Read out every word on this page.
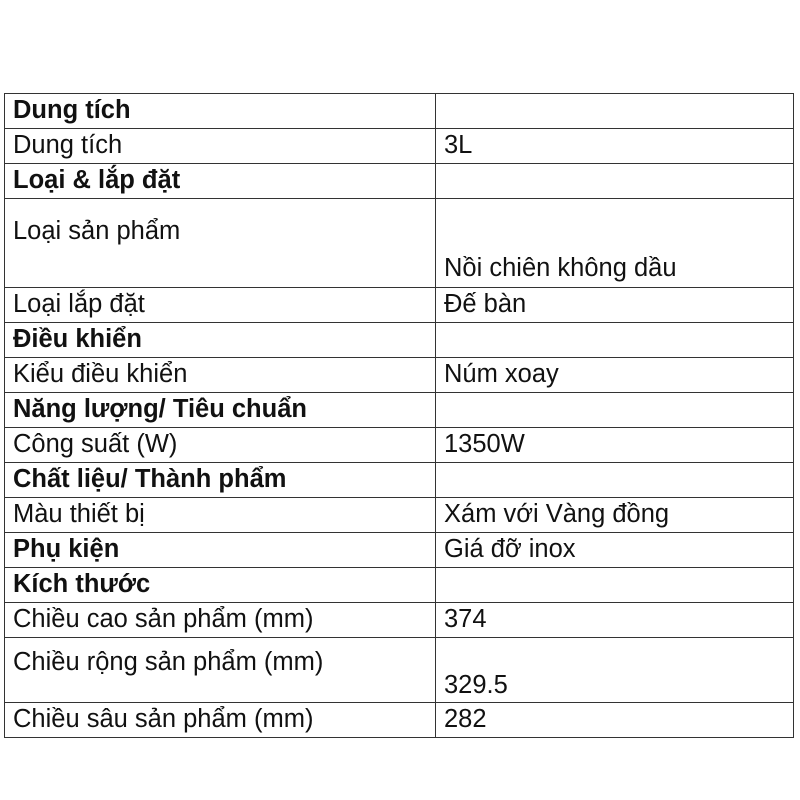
Dung tích	
Dung tích	3L
Loại & lắp đặt	
Loại sản phẩm	Nồi chiên không dầu
Loại lắp đặt	Đế bàn
Điều khiển	
Kiểu điều khiển	Núm xoay
Năng lượng/ Tiêu chuẩn	
Công suất (W)	1350W
Chất liệu/ Thành phẩm	
Màu thiết bị	Xám với Vàng đồng
Phụ kiện	Giá đỡ inox
Kích thước	
Chiều cao sản phẩm (mm)	374
Chiều rộng sản phẩm (mm)	329.5
Chiều sâu sản phẩm (mm)	282
